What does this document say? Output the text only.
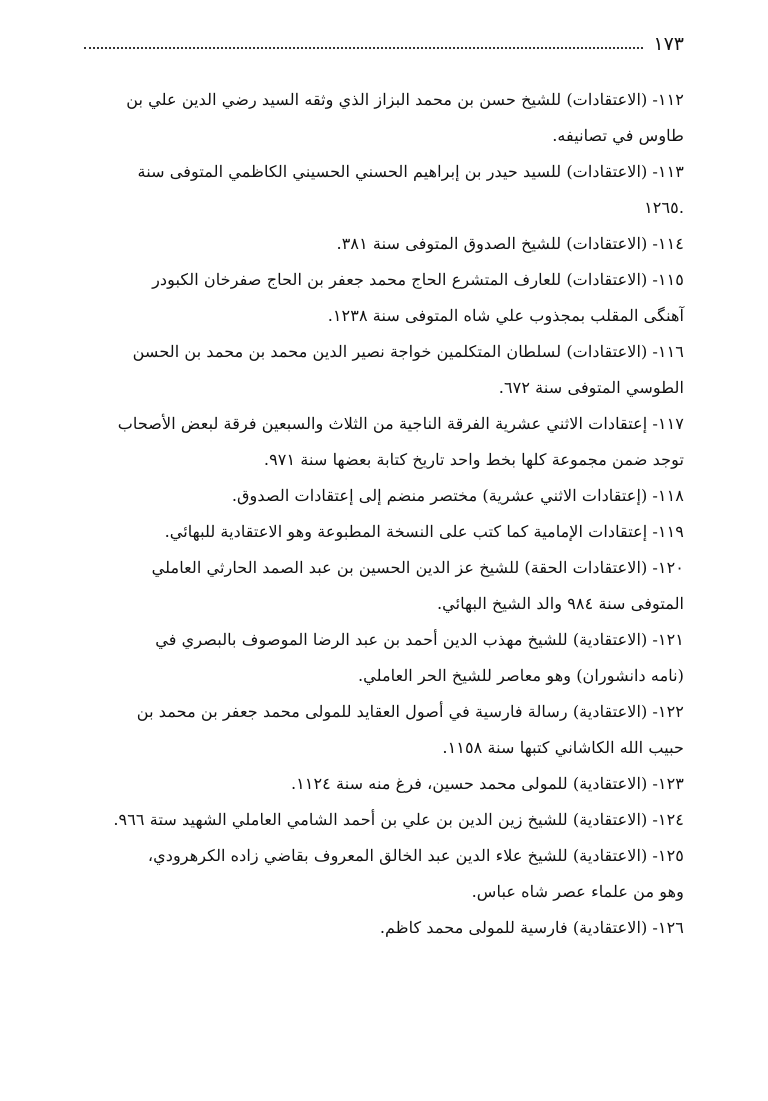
١٧٣

١١٢- (الاعتقادات) للشيخ حسن بن محمد البزاز الذي وثقه السيد رضي الدين علي بن
طاوس في تصانيفه.

١١٣- (الاعتقادات) للسيد حيدر بن إبراهيم الحسني الحسيني الكاظمي المتوفى سنة
.١٢٦٥

١١٤- (الاعتقادات) للشيخ الصدوق المتوفى سنة ٣٨١.

١١٥- (الاعتقادات) للعارف المتشرع الحاج محمد جعفر بن الحاج صفرخان الكبودر
آهنگى المقلب بمجذوب علي شاه المتوفى سنة ١٢٣٨.

١١٦- (الاعتقادات) لسلطان المتكلمين خواجة نصير الدين محمد بن محمد بن الحسن
الطوسي المتوفى سنة ٦٧٢.

١١٧- إعتقادات الاثني عشرية الفرقة الناجية من الثلاث والسبعين فرقة لبعض الأصحاب
توجد ضمن مجموعة كلها بخط واحد تاريخ كتابة بعضها سنة ٩٧١.

١١٨- (إعتقادات الاثني عشرية) مختصر منضم إلى إعتقادات الصدوق.

١١٩- إعتقادات الإمامية كما كتب على النسخة المطبوعة وهو الاعتقادية للبهائي.

١٢٠- (الاعتقادات الحقة) للشيخ عز الدين الحسين بن عبد الصمد الحارثي العاملي
المتوفى سنة ٩٨٤ والد الشيخ البهائي.

١٢١- (الاعتقادية) للشيخ مهذب الدين أحمد بن عبد الرضا الموصوف بالبصري في
(نامه دانشوران) وهو معاصر للشيخ الحر العاملي.

١٢٢- (الاعتقادية) رسالة فارسية في أصول العقايد للمولى محمد جعفر بن محمد بن
حبيب الله الكاشاني كتبها سنة ١١٥٨.

١٢٣- (الاعتقادية) للمولى محمد حسين، فرغ منه سنة ١١٢٤.

١٢٤- (الاعتقادية) للشيخ زين الدين بن علي بن أحمد الشامي العاملي الشهيد ستة ٩٦٦.

١٢٥- (الاعتقادية) للشيخ علاء الدين عبد الخالق المعروف بقاضي زاده الكرهرودي،
وهو من علماء عصر شاه عباس.

١٢٦- (الاعتقادية) فارسية للمولى محمد كاظم.
